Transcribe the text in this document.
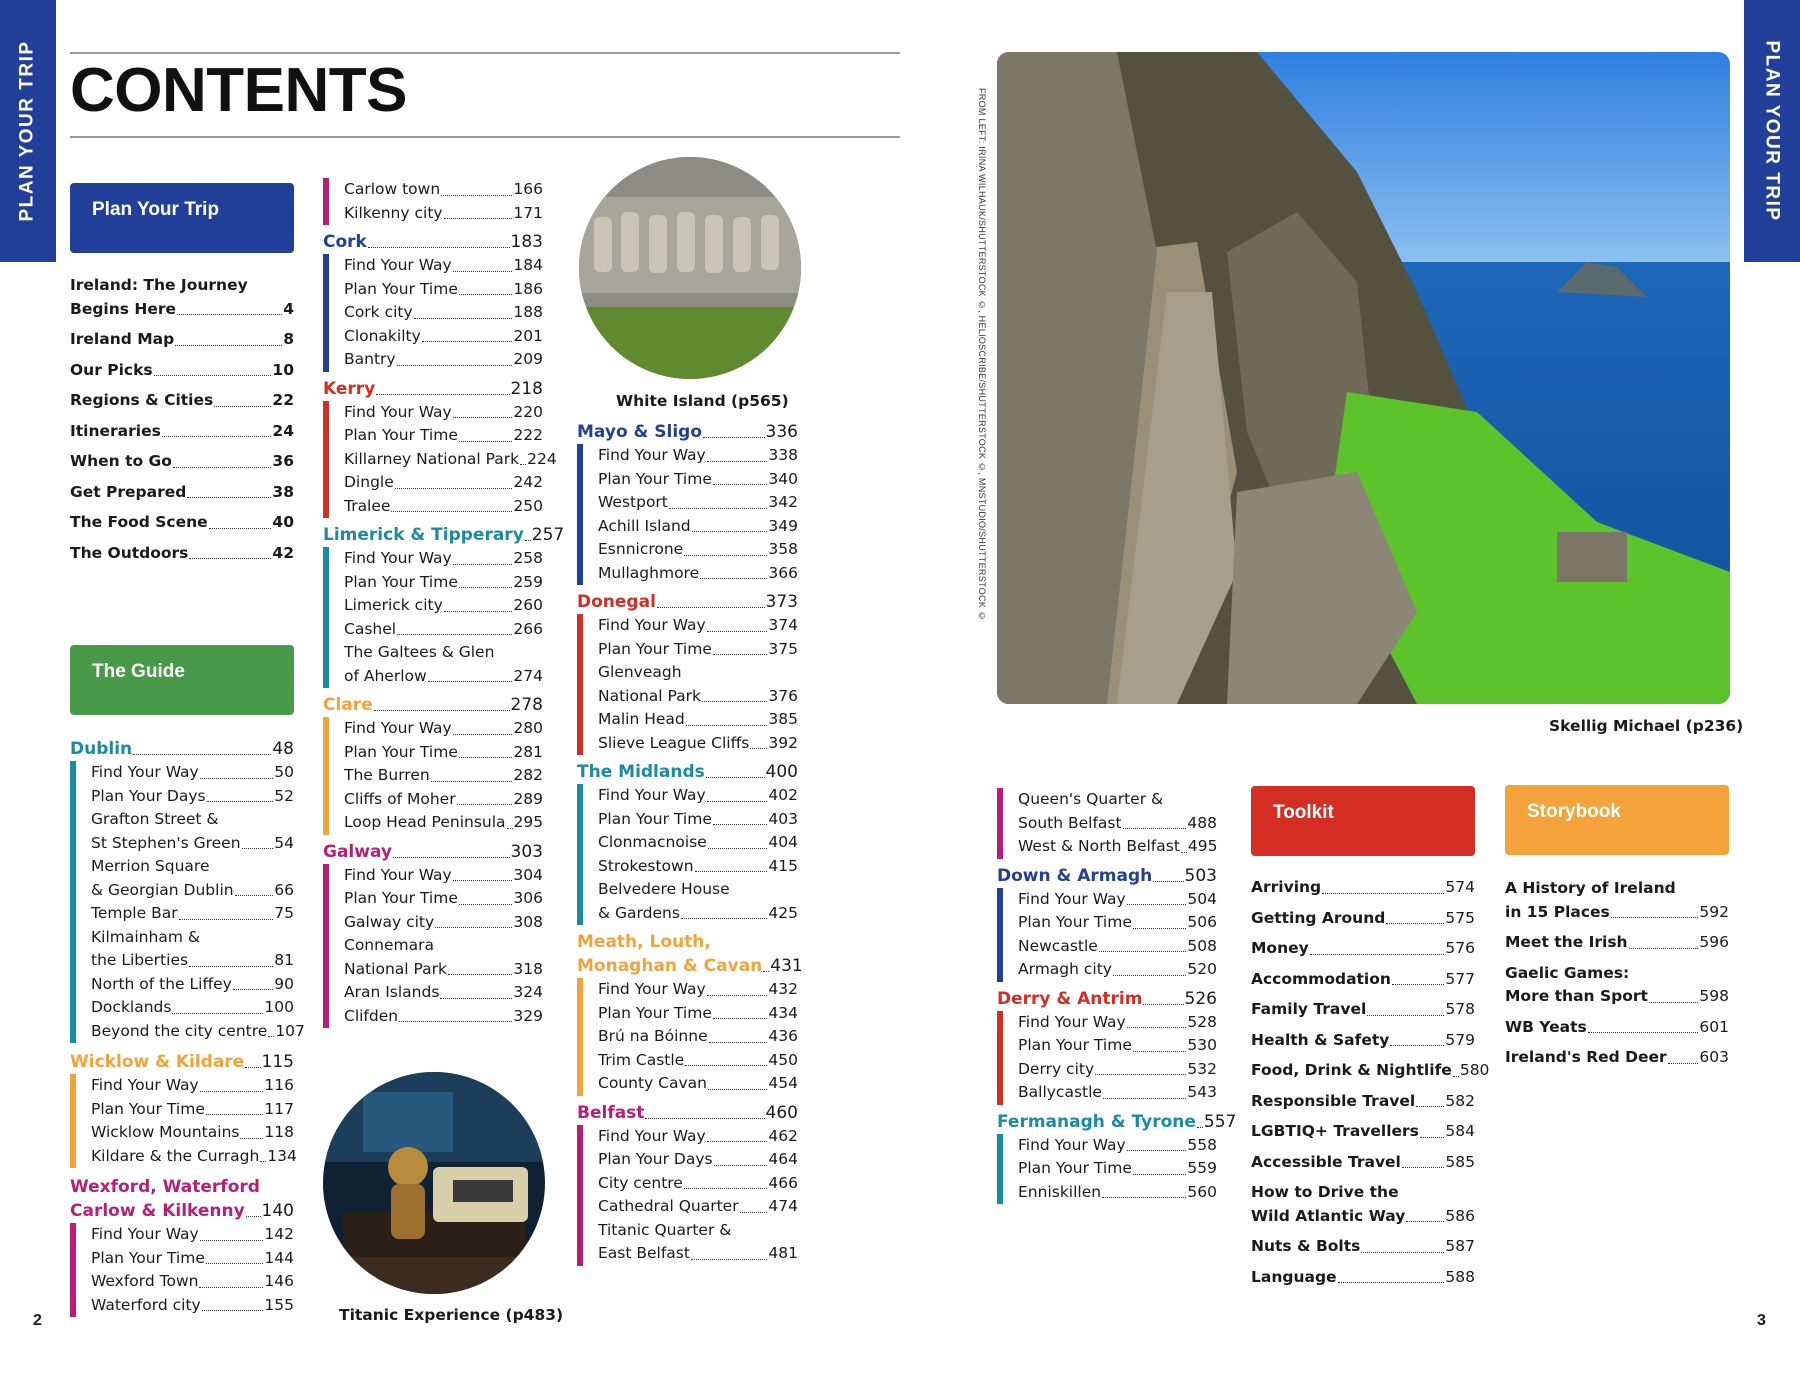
PLAN YOUR TRIP	PLAN YOUR TRIP
CONTENTS
Plan Your Trip
Ireland: The Journey
Begins Here	4
Ireland Map	8
Our Picks	10
Regions & Cities	22
Itineraries	24
When to Go	36
Get Prepared	38
The Food Scene	40
The Outdoors	42
The Guide
Dublin	48
Find Your Way	50
Plan Your Days	52
Grafton Street &
St Stephen's Green 54
Merrion Square
& Georgian Dublin	66
Temple Bar	75
Kilmainham &
the Liberties	81
North of the Liffey	90
Docklands	100
Beyond the city centre 107
Wicklow & Kildare 115
Find Your Way	116
Plan Your Time	117
Wicklow Mountains 118
Kildare & the Curragh 134
Wexford, Waterford
Carlow & Kilkenny 140
Find Your Way	142
Plan Your Time	144
Wexford Town	146
Waterford city	155
Carlow town	166
Kilkenny city	171
Cork	183
Find Your Way	184
Plan Your Time	186
Cork city	188
Clonakilty	201
Bantry	209
Kerry	218
Find Your Way	220
Plan Your Time	222
Killarney National Park 224
Dingle	242
Tralee	250
Limerick & Tipperary 257
Find Your Way	258
Plan Your Time	259
Limerick city	260
Cashel	266
The Galtees & Glen
of Aherlow	274
Clare	278
Find Your Way	280
Plan Your Time	281
The Burren	282
Cliffs of Moher	289
Loop Head Peninsula 295
Galway	303
Find Your Way	304
Plan Your Time	306
Galway city	308
Connemara
National Park	318
Aran Islands	324
Clifden	329
Titanic Experience (p483)
White Island (p565)
Mayo & Sligo	336
Find Your Way	338
Plan Your Time	340
Westport	342
Achill Island	349
Esnnicrone	358
Mullaghmore	366
Donegal	373
Find Your Way	374
Plan Your Time	375
Glenveagh
National Park	376
Malin Head	385
Slieve League Cliffs 392
The Midlands	400
Find Your Way	402
Plan Your Time	403
Clonmacnoise	404
Strokestown	415
Belvedere House
& Gardens	425
Meath, Louth,
Monaghan & Cavan 431
Find Your Way	432
Plan Your Time	434
Brú na Bóinne	436
Trim Castle	450
County Cavan	454
Belfast	460
Find Your Way	462
Plan Your Days	464
City centre	466
Cathedral Quarter 474
Titanic Quarter &
East Belfast	481
FROM LEFT: IRINA WILHAUK/SHUTTERSTOCK ©, HELIOSCRIBE/SHUTTERSTOCK ©, MNSTUDIO/SHUTTERSTOCK ©
Skellig Michael (p236)
Queen's Quarter &
South Belfast	488
West & North Belfast 495
Down & Armagh 503
Find Your Way	504
Plan Your Time	506
Newcastle	508
Armagh city	520
Derry & Antrim 526
Find Your Way	528
Plan Your Time	530
Derry city	532
Ballycastle	543
Fermanagh & Tyrone 557
Find Your Way	558
Plan Your Time	559
Enniskillen	560
Toolkit
Arriving	574
Getting Around	575
Money	576
Accommodation	577
Family Travel	578
Health & Safety	579
Food, Drink & Nightlife 580
Responsible Travel 582
LGBTIQ+ Travellers 584
Accessible Travel	585
How to Drive the
Wild Atlantic Way	586
Nuts & Bolts	587
Language	588
Storybook
A History of Ireland
in 15 Places	592
Meet the Irish	596
Gaelic Games:
More than Sport	598
WB Yeats	601
Ireland's Red Deer 603
2	3
